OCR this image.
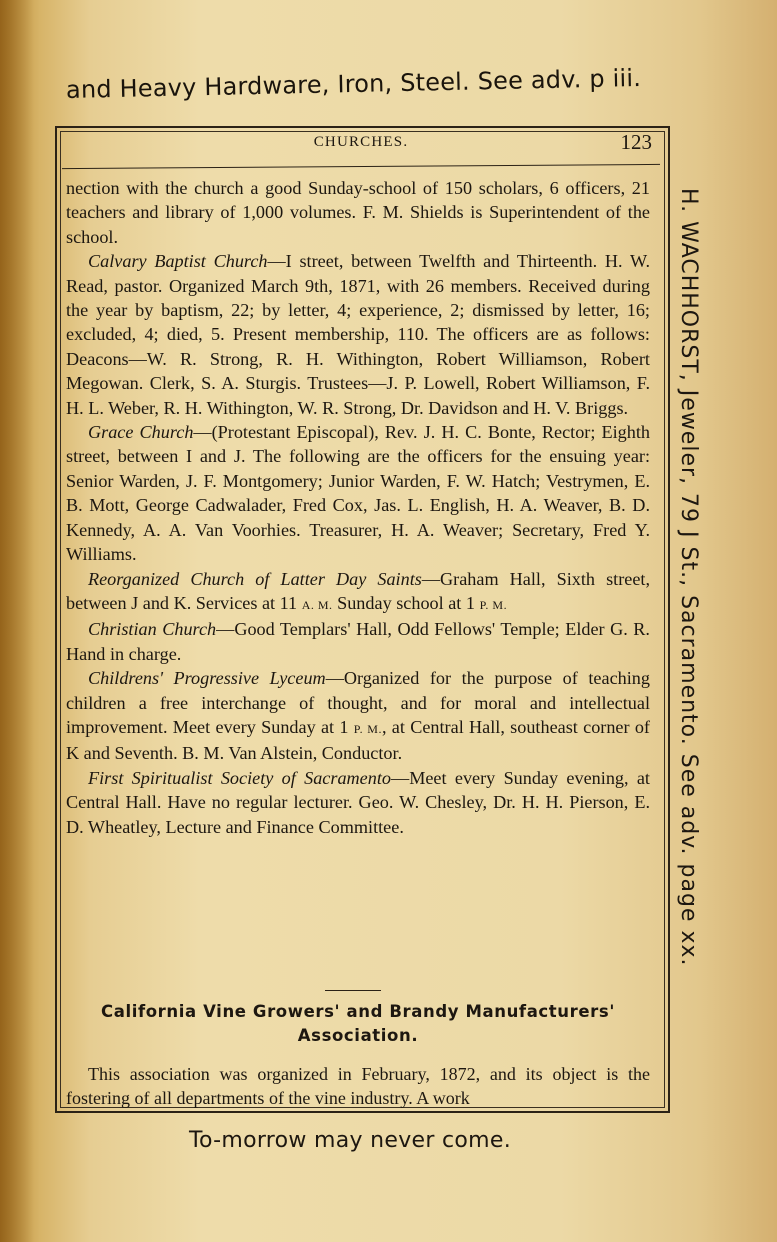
and Heavy Hardware, Iron, Steel. See adv. p iii.
CHURCHES.	123

nection with the church a good Sunday-school of 150 scholars, 6 officers, 21 teachers and library of 1,000 volumes. F. M. Shields is Superintendent of the school.

Calvary Baptist Church—I street, between Twelfth and Thirteenth. H. W. Read, pastor. Organized March 9th, 1871, with 26 members. Received during the year by baptism, 22; by letter, 4; experience, 2; dismissed by letter, 16; excluded, 4; died, 5. Present membership, 110. The officers are as follows: Deacons—W. R. Strong, R. H. Withington, Robert Williamson, Robert Megowan. Clerk, S. A. Sturgis. Trustees—J. P. Lowell, Robert Williamson, F. H. L. Weber, R. H. Withington, W. R. Strong, Dr. Davidson and H. V. Briggs.

Grace Church—(Protestant Episcopal), Rev. J. H. C. Bonte, Rector; Eighth street, between I and J. The following are the officers for the ensuing year: Senior Warden, J. F. Montgomery; Junior Warden, F. W. Hatch; Vestrymen, E. B. Mott, George Cadwalader, Fred Cox, Jas. L. English, H. A. Weaver, B. D. Kennedy, A. A. Van Voorhies. Treasurer, H. A. Weaver; Secretary, Fred Y. Williams.

Reorganized Church of Latter Day Saints—Graham Hall, Sixth street, between J and K. Services at 11 A. M. Sunday school at 1 P. M.

Christian Church—Good Templars' Hall, Odd Fellows' Temple; Elder G. R. Hand in charge.

Childrens' Progressive Lyceum—Organized for the purpose of teaching children a free interchange of thought, and for moral and intellectual improvement. Meet every Sunday at 1 P. M., at Central Hall, southeast corner of K and Seventh. B. M. Van Alstein, Conductor.

First Spiritualist Society of Sacramento—Meet every Sunday evening, at Central Hall. Have no regular lecturer. Geo. W. Chesley, Dr. H. H. Pierson, E. D. Wheatley, Lecture and Finance Committee.

California Vine Growers' and Brandy Manufacturers' Association.

This association was organized in February, 1872, and its object is the fostering of all departments of the vine industry. A work

To-morrow may never come.
H. WACHHORST, Jeweler, 79 J St., Sacramento. See adv. page xx.
